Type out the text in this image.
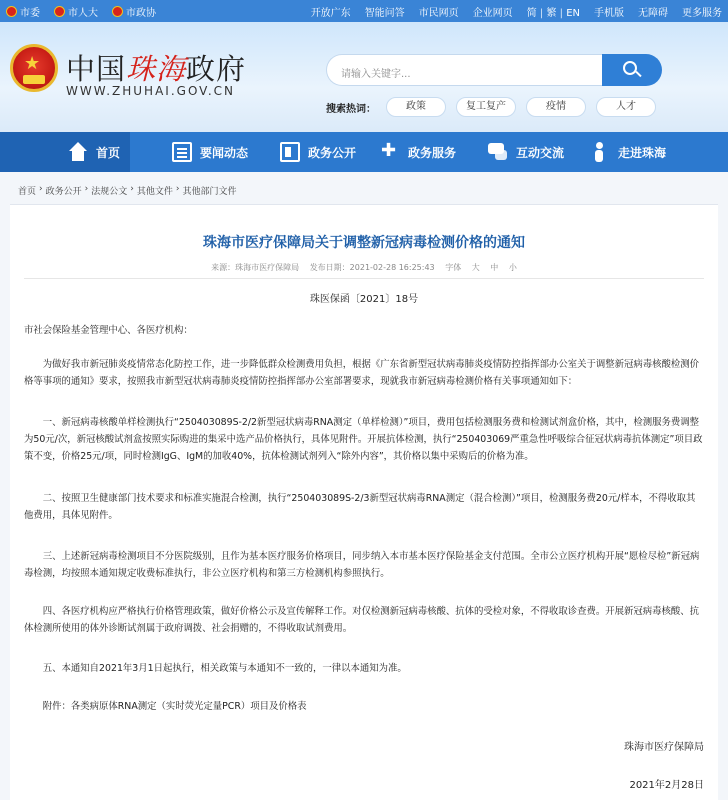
市委	市人大	市政协	开放广东 智能问答 市民网页 企业网页 简 | 繁 | EN 手机版 无障碍 更多服务
★ 中国珠海政府
WWW.ZHUHAI.GOV.CN
请输入关键字...
搜索热词：	政策	复工复产	疫情	人才
首页	要闻动态	政务公开
✚	政务服务	互动交流	走进珠海
首页 › 政务公开 › 法规公文 › 其他文件 › 其他部门文件
珠海市医疗保障局关于调整新冠病毒检测价格的通知
来源：珠海市医疗保障局 发布日期：2021-02-28 16:25:43 字体 大 中 小
珠医保函〔2021〕18号
市社会保险基金管理中心、各医疗机构：
为做好我市新冠肺炎疫情常态化防控工作，进一步降低群众检测费用负担，根据《广东省新型冠状病毒肺炎疫情防控指挥部办公室关于调整新冠病毒核酸检测价格等事项的通知》要求，按照我市新型冠状病毒肺炎疫情防控指挥部办公室部署要求，现就我市新冠病毒检测价格有关事项通知如下：
一、新冠病毒核酸单样检测执行“250403089S-2/2新型冠状病毒RNA测定（单样检测）”项目，费用包括检测服务费和检测试剂盒价格，其中，检测服务费调整为50元/次，新冠核酸试剂盒按照实际购进的集采中选产品价格执行，具体见附件。开展抗体检测，执行“250403069严重急性呼吸综合征冠状病毒抗体测定”项目政策不变，价格25元/项，同时检测IgG、IgM的加收40%，抗体检测试剂列入“除外内容”，其价格以集中采购后的价格为准。
二、按照卫生健康部门技术要求和标准实施混合检测，执行“250403089S-2/3新型冠状病毒RNA测定（混合检测）”项目，检测服务费20元/样本，不得收取其他费用，具体见附件。
三、上述新冠病毒检测项目不分医院级别，且作为基本医疗服务价格项目，同步纳入本市基本医疗保险基金支付范围。全市公立医疗机构开展“愿检尽检”新冠病毒检测，均按照本通知规定收费标准执行，非公立医疗机构和第三方检测机构参照执行。
四、各医疗机构应严格执行价格管理政策，做好价格公示及宣传解释工作。对仅检测新冠病毒核酸、抗体的受检对象，不得收取诊查费。开展新冠病毒核酸、抗体检测所使用的体外诊断试剂属于政府调拨、社会捐赠的，不得收取试剂费用。
五、本通知自2021年3月1日起执行，相关政策与本通知不一致的，一律以本通知为准。
附件：各类病原体RNA测定（实时荧光定量PCR）项目及价格表
珠海市医疗保障局
2021年2月28日
